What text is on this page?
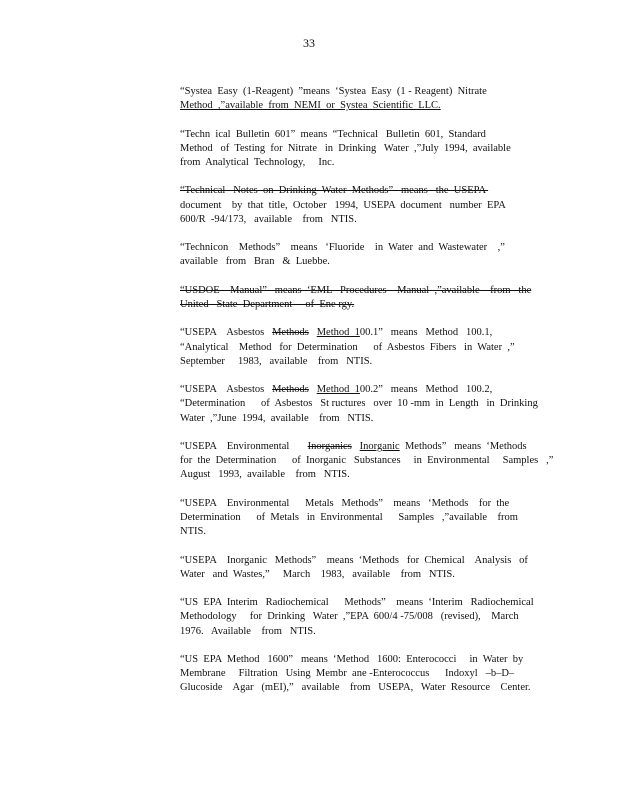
33
“Systea  Easy  (1-Reagent)  ”means  ‘Systea  Easy  (1 - Reagent)  Nitrate
Method  ,”available  from  NEMI  or  Systea  Scientific  LLC.
“Techn  ical  Bulletin  601”  means  “Technical   Bulletin  601,  Standard
Method   of  Testing  for  Nitrate   in  Drinking   Water  ,”July  1994,  available
from  Analytical  Technology,     Inc.
“Technical   Notes  on  Drinking  Water  Methods”   means   the  USEPA
document    by  that  title,  October   1994,  USEPA  document   number  EPA
600/R  -94/173,   available    from   NTIS.
“Technicon    Methods”    means   ‘Fluoride    in  Water  and  Wastewater    ,”
available   from   Bran   &  Luebbe.
“USDOE    Manual”   means  ‘EML   Procedures    Manual  ,”available    from   the
United   State  Department     of  Ene rgy.
“USEPA    Asbestos   Methods Method  100.1”   means   Method   100.1,
“Analytical    Method   for  Determination      of  Asbestos  Fibers   in  Water  ,”
September     1983,   available    from   NTIS.
“USEPA    Asbestos   Methods Method  100.2”   means   Method   100.2,
“Determination      of  Asbestos   St ructures   over  10 -mm  in  Length   in  Drinking
Water  ,”June  1994,  available    from   NTIS.
“USEPA    Environmental       Inorganics Inorganic  Methods”   means  ‘Methods
for  the  Determination      of  Inorganic   Substances     in  Environmental     Samples   ,”
August   1993,  available    from   NTIS.
“USEPA    Environmental      Metals   Methods”    means   ‘Methods    for  the
Determination      of  Metals   in  Environmental      Samples   ,”available    from
NTIS.
“USEPA    Inorganic   Methods”    means  ‘Methods   for  Chemical    Analysis   of
Water   and  Wastes,”     March    1983,   available    from   NTIS.
“US  EPA  Interim   Radiochemical      Methods”    means  ‘Interim   Radiochemical
Methodology     for  Drinking   Water  ,”EPA  600/4 -75/008   (revised),    March
1976.   Available    from   NTIS.
“US  EPA  Method   1600”   means  ‘Method   1600:  Enterococci     in  Water  by
Membrane     Filtration   Using  Membr  ane -Enterococcus      Indoxyl   –b–D–
Glucoside    Agar   (mEI),”   available    from   USEPA,   Water  Resource    Center.
